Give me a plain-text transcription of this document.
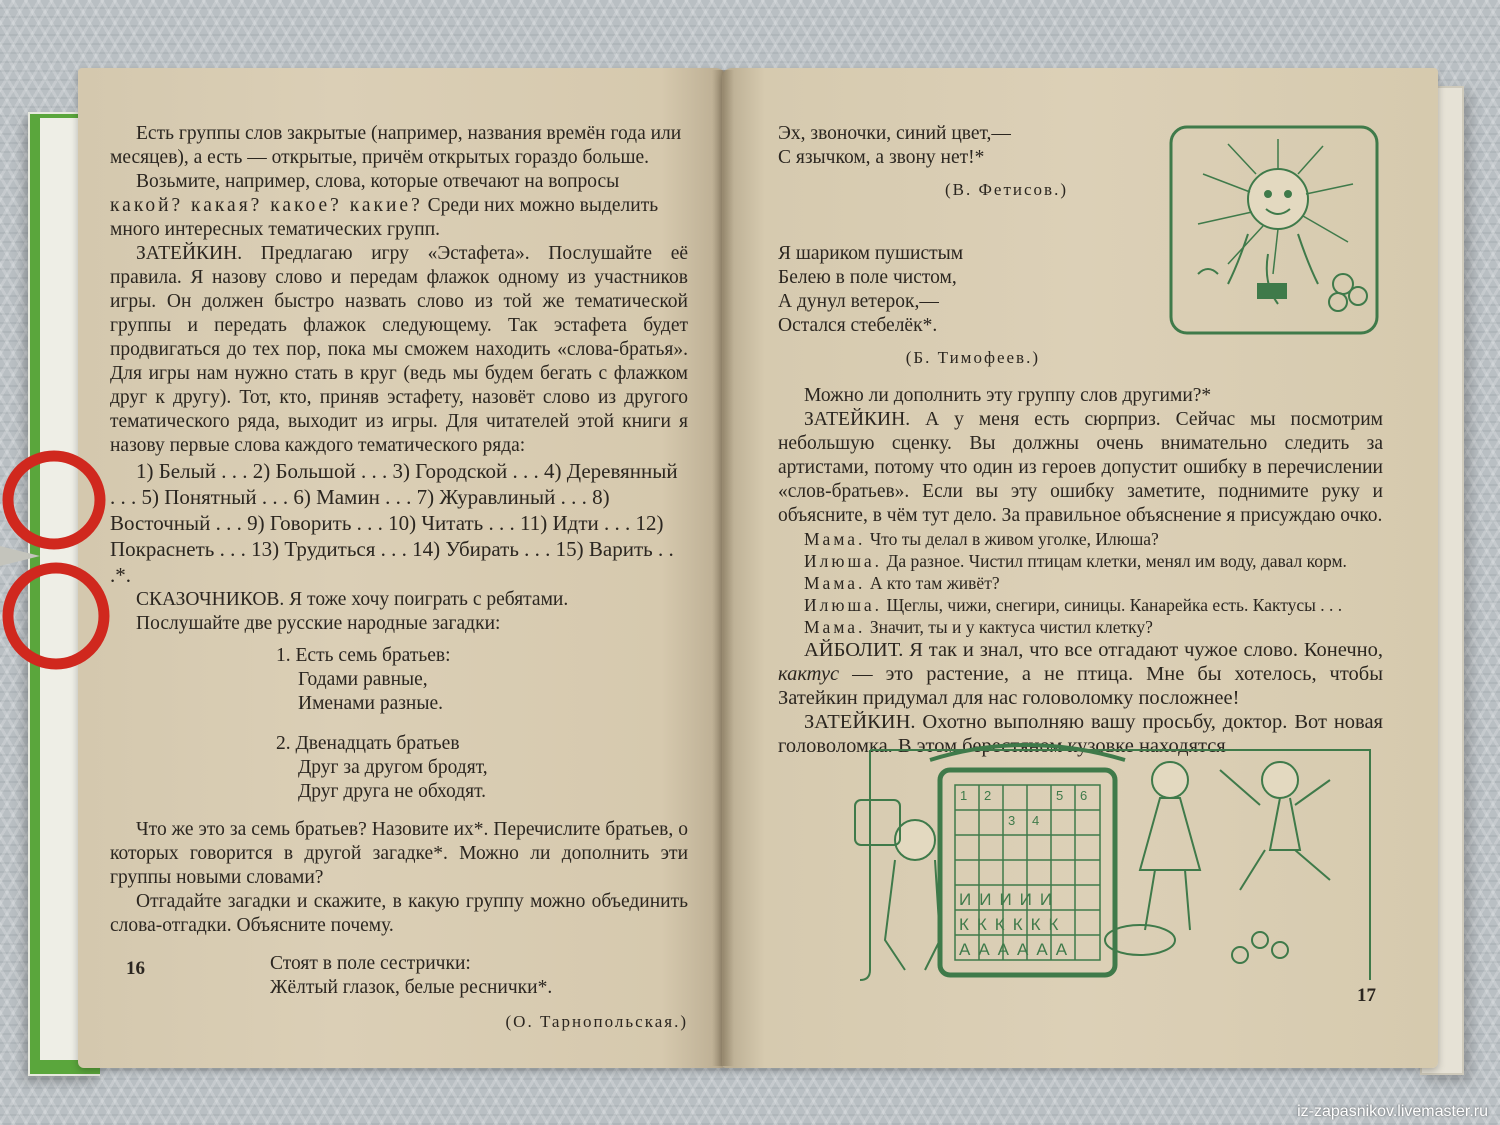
Есть группы слов закрытые (например, названия времён года или месяцев), а есть — открытые, причём открытых гораздо больше.

Возьмите, например, слова, которые отвечают на вопросы какой? какая? какое? какие? Среди них можно выделить много интересных тематических групп.

ЗАТЕЙКИН. Предлагаю игру «Эстафета». Послушайте её правила. Я назову слово и передам флажок одному из участников игры. Он должен быстро назвать слово из той же тематической группы и передать флажок следующему. Так эстафета будет продвигаться до тех пор, пока мы сможем находить «слова-братья». Для игры нам нужно стать в круг (ведь мы будем бегать с флажком друг к другу). Тот, кто, приняв эстафету, назовёт слово из другого тематического ряда, выходит из игры. Для читателей этой книги я назову первые слова каждого тематического ряда:

1) Белый . . . 2) Большой . . . 3) Городской . . . 4) Деревянный . . . 5) Понятный . . . 6) Мамин . . . 7) Журавлиный . . . 8) Восточный . . . 9) Говорить . . . 10) Читать . . . 11) Идти . . . 12) Покраснеть . . . 13) Трудиться . . . 14) Убирать . . . 15) Варить . . .*.

СКАЗОЧНИКОВ. Я тоже хочу поиграть с ребятами.

Послушайте две русские народные загадки:

1. Есть семь братьев:
Годами равные,
Именами разные.
2. Двенадцать братьев
Друг за другом бродят,
Друг друга не обходят.

Что же это за семь братьев? Назовите их*. Перечислите братьев, о которых говорится в другой загадке*. Можно ли дополнить эти группы новыми словами?

Отгадайте загадки и скажите, в какую группу можно объединить слова-отгадки. Объясните почему.

Стоят в поле сестрички:
Жёлтый глазок, белые реснички*.
(О. Тарнопольская.)
16
Эх, звоночки, синий цвет,—
С язычком, а звону нет!*
(В. Фетисов.)
Я шариком пушистым
Белею в поле чистом,
А дунул ветерок,—
Остался стебелёк*.
(Б. Тимофеев.)

Можно ли дополнить эту группу слов другими?*

ЗАТЕЙКИН. А у меня есть сюрприз. Сейчас мы посмотрим небольшую сценку. Вы должны очень внимательно следить за артистами, потому что один из героев допустит ошибку в перечислении «слов-братьев». Если вы эту ошибку заметите, поднимите руку и объясните, в чём тут дело. За правильное объяснение я присуждаю очко.

Мама. Что ты делал в живом уголке, Илюша?

Илюша. Да разное. Чистил птицам клетки, менял им воду, давал корм.

Мама. А кто там живёт?

Илюша. Щеглы, чижи, снегири, синицы. Канарейка есть. Кактусы . . .

Мама. Значит, ты и у кактуса чистил клетку?

АЙБОЛИТ. Я так и знал, что все отгадают чужое слово. Конечно, кактус — это растение, а не птица. Мне бы хотелось, чтобы Затейкин придумал для нас головоломку посложнее!

ЗАТЕЙКИН. Охотно выполняю вашу просьбу, доктор. Вот новая головоломка. В этом берестяном кузовке находятся

17
1 2
3 4
5 6
ИИИИИ
КККККК
АААААА
iz-zapasnikov.livemaster.ru
